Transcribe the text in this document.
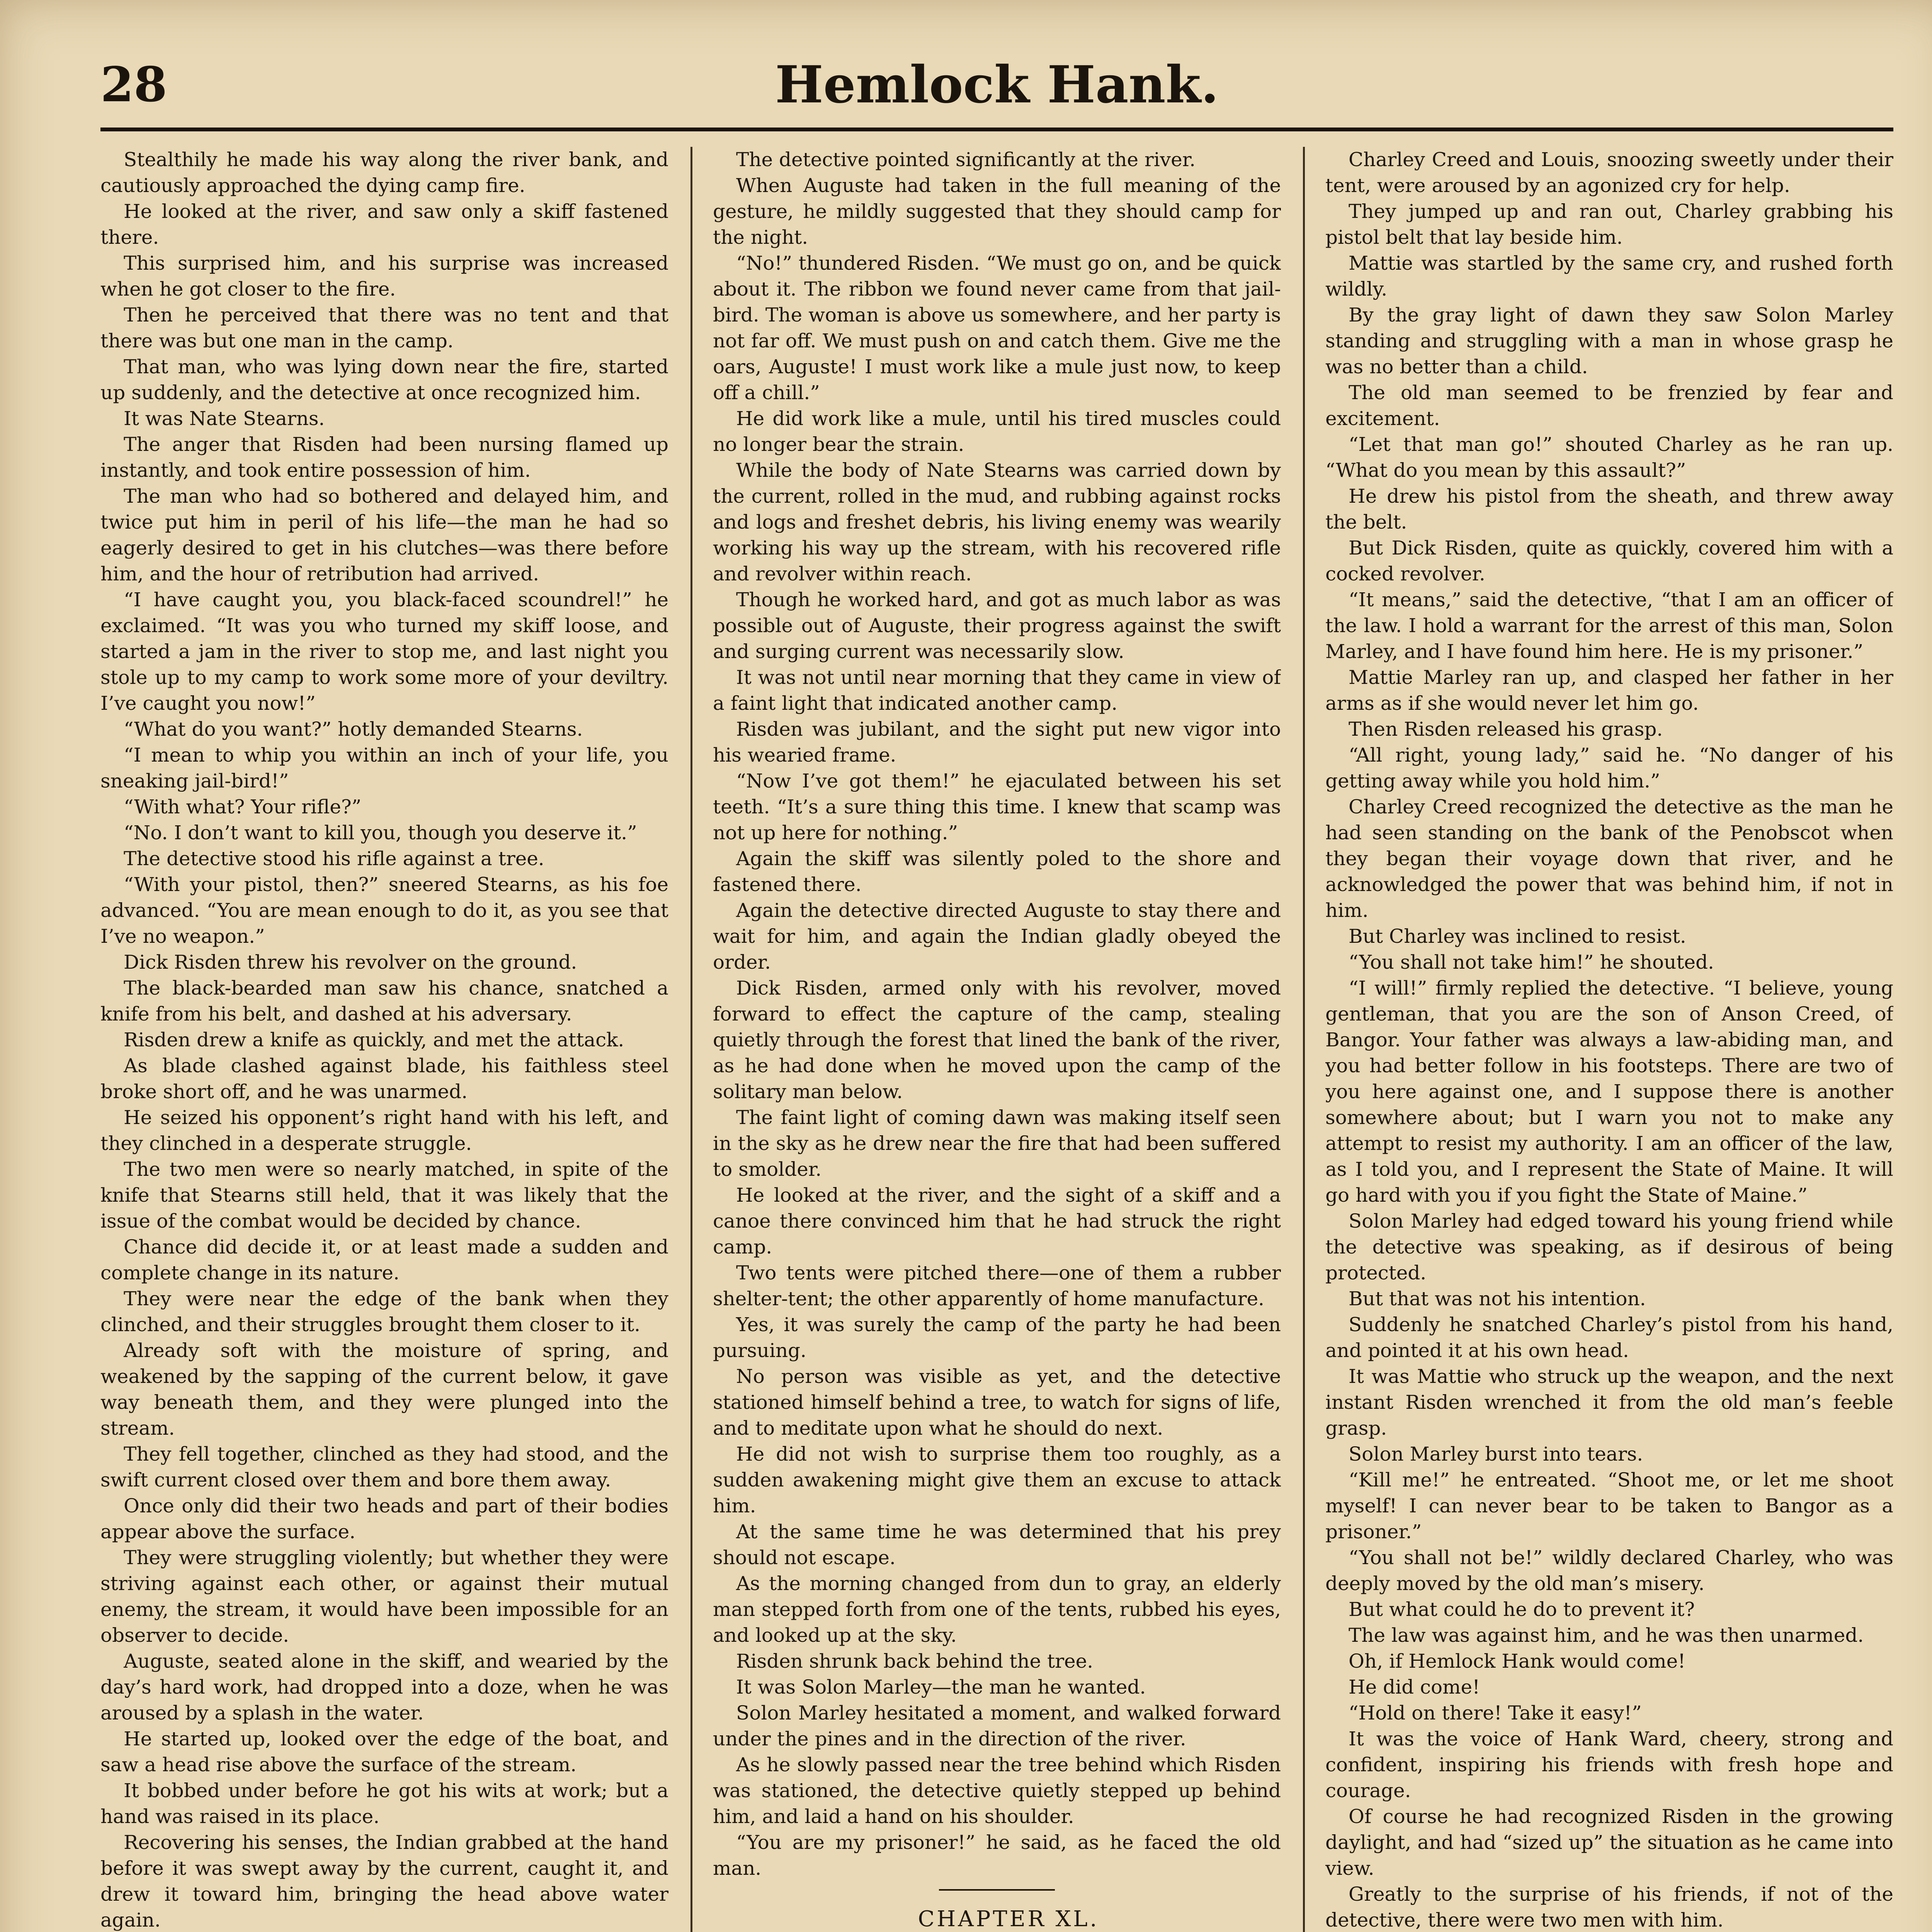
28	Hemlock Hank.

Stealthily he made his way along the river bank, and cautiously approached the dying camp fire.

He looked at the river, and saw only a skiff fastened there.

This surprised him, and his surprise was increased when he got closer to the fire.

Then he perceived that there was no tent and that there was but one man in the camp.

That man, who was lying down near the fire, started up suddenly, and the detective at once recognized him.

It was Nate Stearns.

The anger that Risden had been nursing flamed up instantly, and took entire possession of him.

The man who had so bothered and delayed him, and twice put him in peril of his life—the man he had so eagerly desired to get in his clutches—was there before him, and the hour of retribution had arrived.

“I have caught you, you black-faced scoundrel!” he exclaimed. “It was you who turned my skiff loose, and started a jam in the river to stop me, and last night you stole up to my camp to work some more of your deviltry. I’ve caught you now!”

“What do you want?” hotly demanded Stearns.

“I mean to whip you within an inch of your life, you sneaking jail-bird!”

“With what? Your rifle?”

“No. I don’t want to kill you, though you deserve it.”

The detective stood his rifle against a tree.

“With your pistol, then?” sneered Stearns, as his foe advanced. “You are mean enough to do it, as you see that I’ve no weapon.”

Dick Risden threw his revolver on the ground.

The black-bearded man saw his chance, snatched a knife from his belt, and dashed at his adversary.

Risden drew a knife as quickly, and met the attack.

As blade clashed against blade, his faithless steel broke short off, and he was unarmed.

He seized his opponent’s right hand with his left, and they clinched in a desperate struggle.

The two men were so nearly matched, in spite of the knife that Stearns still held, that it was likely that the issue of the combat would be decided by chance.

Chance did decide it, or at least made a sudden and complete change in its nature.

They were near the edge of the bank when they clinched, and their struggles brought them closer to it.

Already soft with the moisture of spring, and weakened by the sapping of the current below, it gave way beneath them, and they were plunged into the stream.

They fell together, clinched as they had stood, and the swift current closed over them and bore them away.

Once only did their two heads and part of their bodies appear above the surface.

They were struggling violently; but whether they were striving against each other, or against their mutual enemy, the stream, it would have been impossible for an observer to decide.

Auguste, seated alone in the skiff, and wearied by the day’s hard work, had dropped into a doze, when he was aroused by a splash in the water.

He started up, looked over the edge of the boat, and saw a head rise above the surface of the stream.

It bobbed under before he got his wits at work; but a hand was raised in its place.

Recovering his senses, the Indian grabbed at the hand before it was swept away by the current, caught it, and drew it toward him, bringing the head above water again.

The detective pointed significantly at the river.

When Auguste had taken in the full meaning of the gesture, he mildly suggested that they should camp for the night.

“No!” thundered Risden. “We must go on, and be quick about it. The ribbon we found never came from that jail-bird. The woman is above us somewhere, and her party is not far off. We must push on and catch them. Give me the oars, Auguste! I must work like a mule just now, to keep off a chill.”

He did work like a mule, until his tired muscles could no longer bear the strain.

While the body of Nate Stearns was carried down by the current, rolled in the mud, and rubbing against rocks and logs and freshet debris, his living enemy was wearily working his way up the stream, with his recovered rifle and revolver within reach.

Though he worked hard, and got as much labor as was possible out of Auguste, their progress against the swift and surging current was necessarily slow.

It was not until near morning that they came in view of a faint light that indicated another camp.

Risden was jubilant, and the sight put new vigor into his wearied frame.

“Now I’ve got them!” he ejaculated between his set teeth. “It’s a sure thing this time. I knew that scamp was not up here for nothing.”

Again the skiff was silently poled to the shore and fastened there.

Again the detective directed Auguste to stay there and wait for him, and again the Indian gladly obeyed the order.

Dick Risden, armed only with his revolver, moved forward to effect the capture of the camp, stealing quietly through the forest that lined the bank of the river, as he had done when he moved upon the camp of the solitary man below.

The faint light of coming dawn was making itself seen in the sky as he drew near the fire that had been suffered to smolder.

He looked at the river, and the sight of a skiff and a canoe there convinced him that he had struck the right camp.

Two tents were pitched there—one of them a rubber shelter-tent; the other apparently of home manufacture.

Yes, it was surely the camp of the party he had been pursuing.

No person was visible as yet, and the detective stationed himself behind a tree, to watch for signs of life, and to meditate upon what he should do next.

He did not wish to surprise them too roughly, as a sudden awakening might give them an excuse to attack him.

At the same time he was determined that his prey should not escape.

As the morning changed from dun to gray, an elderly man stepped forth from one of the tents, rubbed his eyes, and looked up at the sky.

Risden shrunk back behind the tree.

It was Solon Marley—the man he wanted.

Solon Marley hesitated a moment, and walked forward under the pines and in the direction of the river.

As he slowly passed near the tree behind which Risden was stationed, the detective quietly stepped up behind him, and laid a hand on his shoulder.

“You are my prisoner!” he said, as he faced the old man.

CHAPTER XL.

Charley Creed and Louis, snoozing sweetly under their tent, were aroused by an agonized cry for help.

They jumped up and ran out, Charley grabbing his pistol belt that lay beside him.

Mattie was startled by the same cry, and rushed forth wildly.

By the gray light of dawn they saw Solon Marley standing and struggling with a man in whose grasp he was no better than a child.

The old man seemed to be frenzied by fear and excitement.

“Let that man go!” shouted Charley as he ran up. “What do you mean by this assault?”

He drew his pistol from the sheath, and threw away the belt.

But Dick Risden, quite as quickly, covered him with a cocked revolver.

“It means,” said the detective, “that I am an officer of the law. I hold a warrant for the arrest of this man, Solon Marley, and I have found him here. He is my prisoner.”

Mattie Marley ran up, and clasped her father in her arms as if she would never let him go.

Then Risden released his grasp.

“All right, young lady,” said he. “No danger of his getting away while you hold him.”

Charley Creed recognized the detective as the man he had seen standing on the bank of the Penobscot when they began their voyage down that river, and he acknowledged the power that was behind him, if not in him.

But Charley was inclined to resist.

“You shall not take him!” he shouted.

“I will!” firmly replied the detective. “I believe, young gentleman, that you are the son of Anson Creed, of Bangor. Your father was always a law-abiding man, and you had better follow in his footsteps. There are two of you here against one, and I suppose there is another somewhere about; but I warn you not to make any attempt to resist my authority. I am an officer of the law, as I told you, and I represent the State of Maine. It will go hard with you if you fight the State of Maine.”

Solon Marley had edged toward his young friend while the detective was speaking, as if desirous of being protected.

But that was not his intention.

Suddenly he snatched Charley’s pistol from his hand, and pointed it at his own head.

It was Mattie who struck up the weapon, and the next instant Risden wrenched it from the old man’s feeble grasp.

Solon Marley burst into tears.

“Kill me!” he entreated. “Shoot me, or let me shoot myself! I can never bear to be taken to Bangor as a prisoner.”

“You shall not be!” wildly declared Charley, who was deeply moved by the old man’s misery.

But what could he do to prevent it?

The law was against him, and he was then unarmed.

Oh, if Hemlock Hank would come!

He did come!

“Hold on there! Take it easy!”

It was the voice of Hank Ward, cheery, strong and confident, inspiring his friends with fresh hope and courage.

Of course he had recognized Risden in the growing daylight, and had “sized up” the situation as he came into view.

Greatly to the surprise of his friends, if not of the detective, there were two men with him.
